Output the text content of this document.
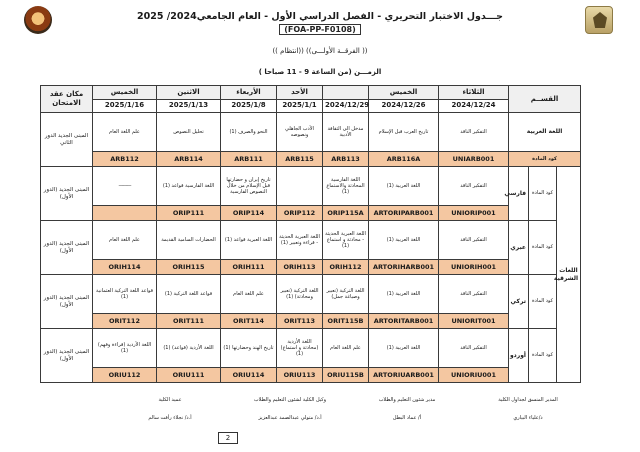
جـــدول الاختبار التحريري - الفصل الدراسي الأول - العام الجامعي2024/ 2025
(FOA-PP-F0108)
(( الفرقــة الأولـــى)) ((انتظام ))
الزمـــن (من الساعة 9 - 11 صباحا )
مكان عقد الامتحان	الخميس	الاثنين	الأربعاء	الأحد		الخميس	الثلاثاء	القســم		
	2025/1/16	2025/1/13	2025/1/8	2025/1/1	2024/12/29	2024/12/26	2024/12/24			
المبنى الجديد الدور الثاني	علم اللغة العام	تحليل النصوص	النحو والصرف (1)	الأدب الجاهلي ونصوصه	مدخل الى الثقافة الأدبية	تاريخ العرب قبل الإسلام	التفكير الناقد	اللغة العربية		
	ARB112	ARB114	ARB111	ARB115	ARB113	ARB116A	UNIARB001	كود المادة		
المبنى الجديد (الدور الأول)	———	اللغة الفارسية قواعد (1)	تاريخ إيران و حضارتها قبل الإسلام من خلال النصوص الفارسية		اللغة الفارسية المحادثة والاستماع (1)	اللغة العربية (1)	التفكير الناقد	فارسي	كود المادة	اللغات الشرقية
		ORIP111	ORIP114	ORIP112	ORIP115A	ARTORIPARB001	UNIORIP001			
المبنى الجديد (الدور الأول)	علم اللغة العام	الحضارات السامية القديمة	اللغة العبرية قواعد (1)	اللغة العبرية الحديثة - قراءة وتعبير (1)	اللغة العبرية الحديثة - محادثة و استماع (1)	اللغة العربية (1)	التفكير الناقد	عبري	كود المادة	
	ORIH114	ORIH115	ORIH111	ORIH113	ORIH112	ARTORIHARB001	UNIORIH001			
المبنى الجديد (الدور الأول)	قواعد اللغة التركية العثمانية (1)	قواعد اللغة التركية (1)	علم اللغة العام	اللغة التركية (تعبير ومحادثة) (1)	اللغة التركية (تعبير وصياغة جمل)	اللغة العربية (1)	التفكير الناقد	تركي	كود المادة	
	ORIT112	ORIT111	ORIT114	ORIT113	ORIT115B	ARTORITARB001	UNIORIT001			
المبنى الجديد (الدور الأول)	اللغة الأردية (قراءة وفهم) (1)	اللغة الأردية (قواعد) (1)	تاريخ الهند وحضارتها (1)	اللغة الأردية (محادثة و استماع) (1)	علم اللغة العام	اللغة العربية (1)	التفكير الناقد	أوردو	كود المادة	
	ORIU112	ORIU111	ORIU114	ORIU113	ORIU115B	ARTORIUARB001	UNIORIU001			
المدير المنسق لجداول الكلية
د/علياء البياري
مدير شئون التعليم والطلاب
أ/ عماد البطل
وكيل الكلية لشئون التعليم والطلاب
أ.د/ متولي عبدالصمد عبدالعزيز
عميد الكلية
أ.د/ نجلاء رأفت سالم
2
